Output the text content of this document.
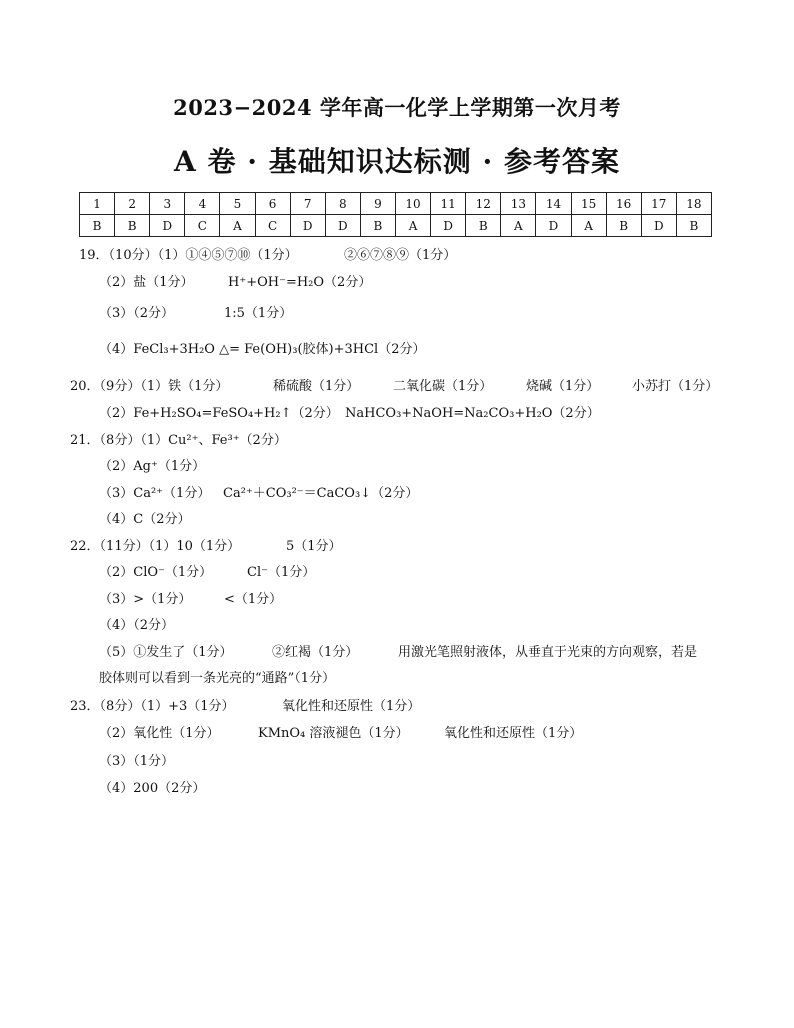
2023−2024 学年高一化学上学期第一次月考
A 卷 · 基础知识达标测 · 参考答案
1	2	3	4	5	6	7	8	9	10	11	12	13	14	15	16	17	18
B	B	D	C	A	C	D	D	B	A	D	B	A	D	A	B	D	B
19．（10分）（1）①④⑤⑦⑩（1分）	②⑥⑦⑧⑨（1分）
（2）盐（1分）	H⁺+OH⁻=H₂O（2分）
（3）（2分）	1:5（1分）
（4）FeCl₃+3H₂O △= Fe(OH)₃(胶体)+3HCl（2分）
20．（9分）（1）铁（1分）	稀硫酸（1分）	二氧化碳（1分）	烧碱（1分）	小苏打（1分）
（2）Fe+H₂SO₄=FeSO₄+H₂↑（2分） NaHCO₃+NaOH=Na₂CO₃+H₂O（2分）
21．（8分）（1）Cu²⁺、Fe³⁺（2分）
（2）Ag⁺（1分）
（3）Ca²⁺（1分） Ca²⁺＋CO₃²⁻＝CaCO₃↓（2分）
（4）C（2分）
22．（11分）（1）10（1分）	5（1分）
（2）ClO⁻（1分）	Cl⁻（1分）
（3）>（1分）	<（1分）
（4）（2分）
（5）①发生了（1分）	②红褐（1分）	用激光笔照射液体，从垂直于光束的方向观察，若是
胶体则可以看到一条光亮的“通路”（1分）
23．（8分）（1）+3（1分）	氧化性和还原性（1分）
（2）氧化性（1分）	KMnO₄ 溶液褪色（1分）	氧化性和还原性（1分）
（3）（1分）
（4）200（2分）
